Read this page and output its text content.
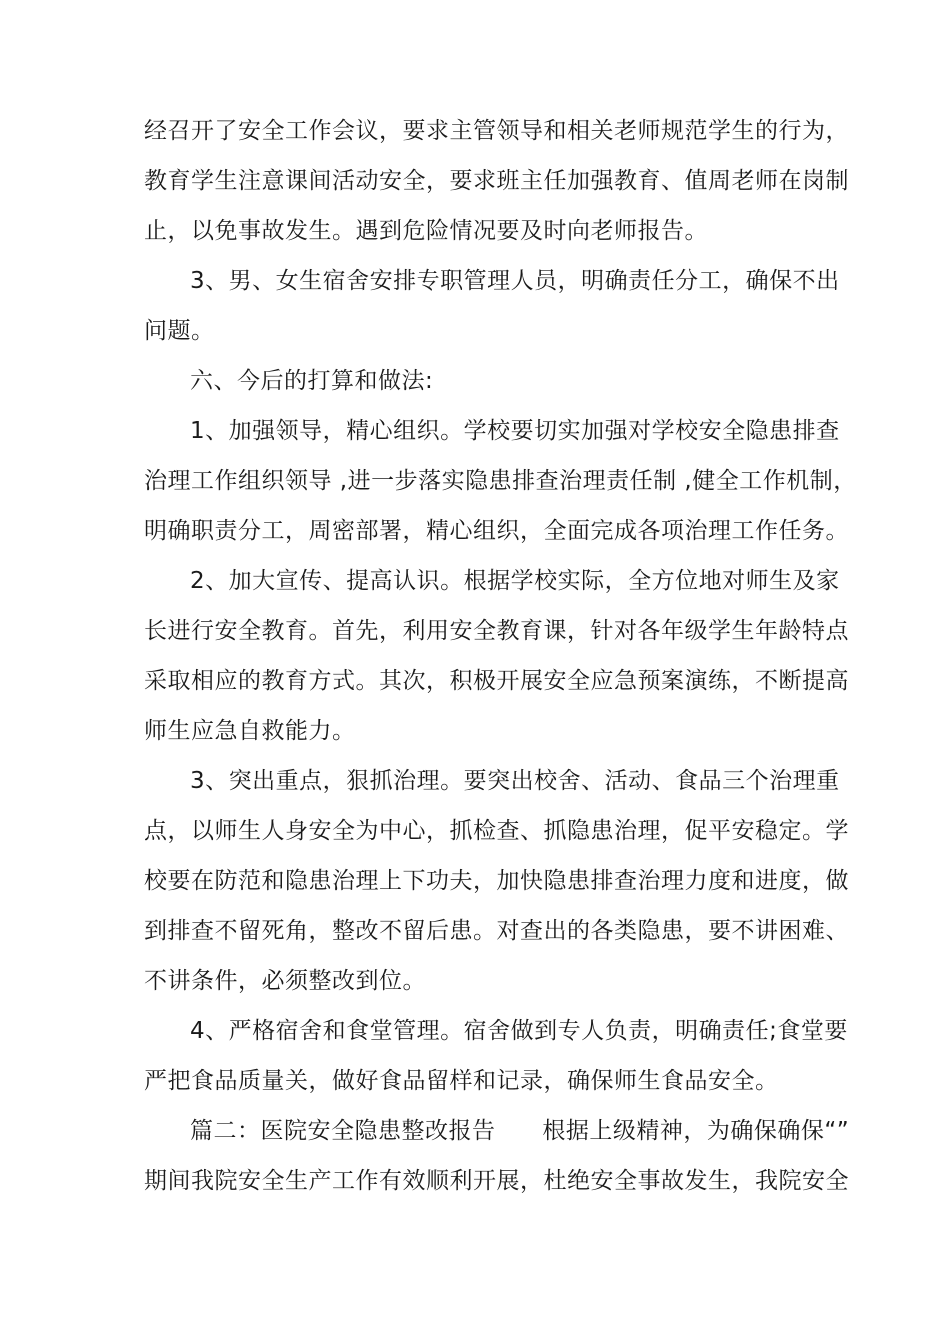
经召开了安全工作会议，要求主管领导和相关老师规范学生的行为，
教育学生注意课间活动安全，要求班主任加强教育、值周老师在岗制
止，以免事故发生。遇到危险情况要及时向老师报告。
3、男、女生宿舍安排专职管理人员，明确责任分工，确保不出
问题。
六、今后的打算和做法:
1、加强领导，精心组织。学校要切实加强对学校安全隐患排查
治理工作组织领导 ,进一步落实隐患排查治理责任制 ,健全工作机制，
明确职责分工，周密部署，精心组织，全面完成各项治理工作任务。
2、加大宣传、提高认识。根据学校实际，全方位地对师生及家
长进行安全教育。首先，利用安全教育课，针对各年级学生年龄特点
采取相应的教育方式。其次，积极开展安全应急预案演练，不断提高
师生应急自救能力。
3、突出重点，狠抓治理。要突出校舍、活动、食品三个治理重
点，以师生人身安全为中心，抓检查、抓隐患治理，促平安稳定。学
校要在防范和隐患治理上下功夫，加快隐患排查治理力度和进度，做
到排查不留死角，整改不留后患。对查出的各类隐患，要不讲困难、
不讲条件，必须整改到位。
4、严格宿舍和食堂管理。宿舍做到专人负责，明确责任;食堂要
严把食品质量关，做好食品留样和记录，确保师生食品安全。
篇二：医院安全隐患整改报告      根据上级精神，为确保确保“”
期间我院安全生产工作有效顺利开展，杜绝安全事故发生，我院安全
